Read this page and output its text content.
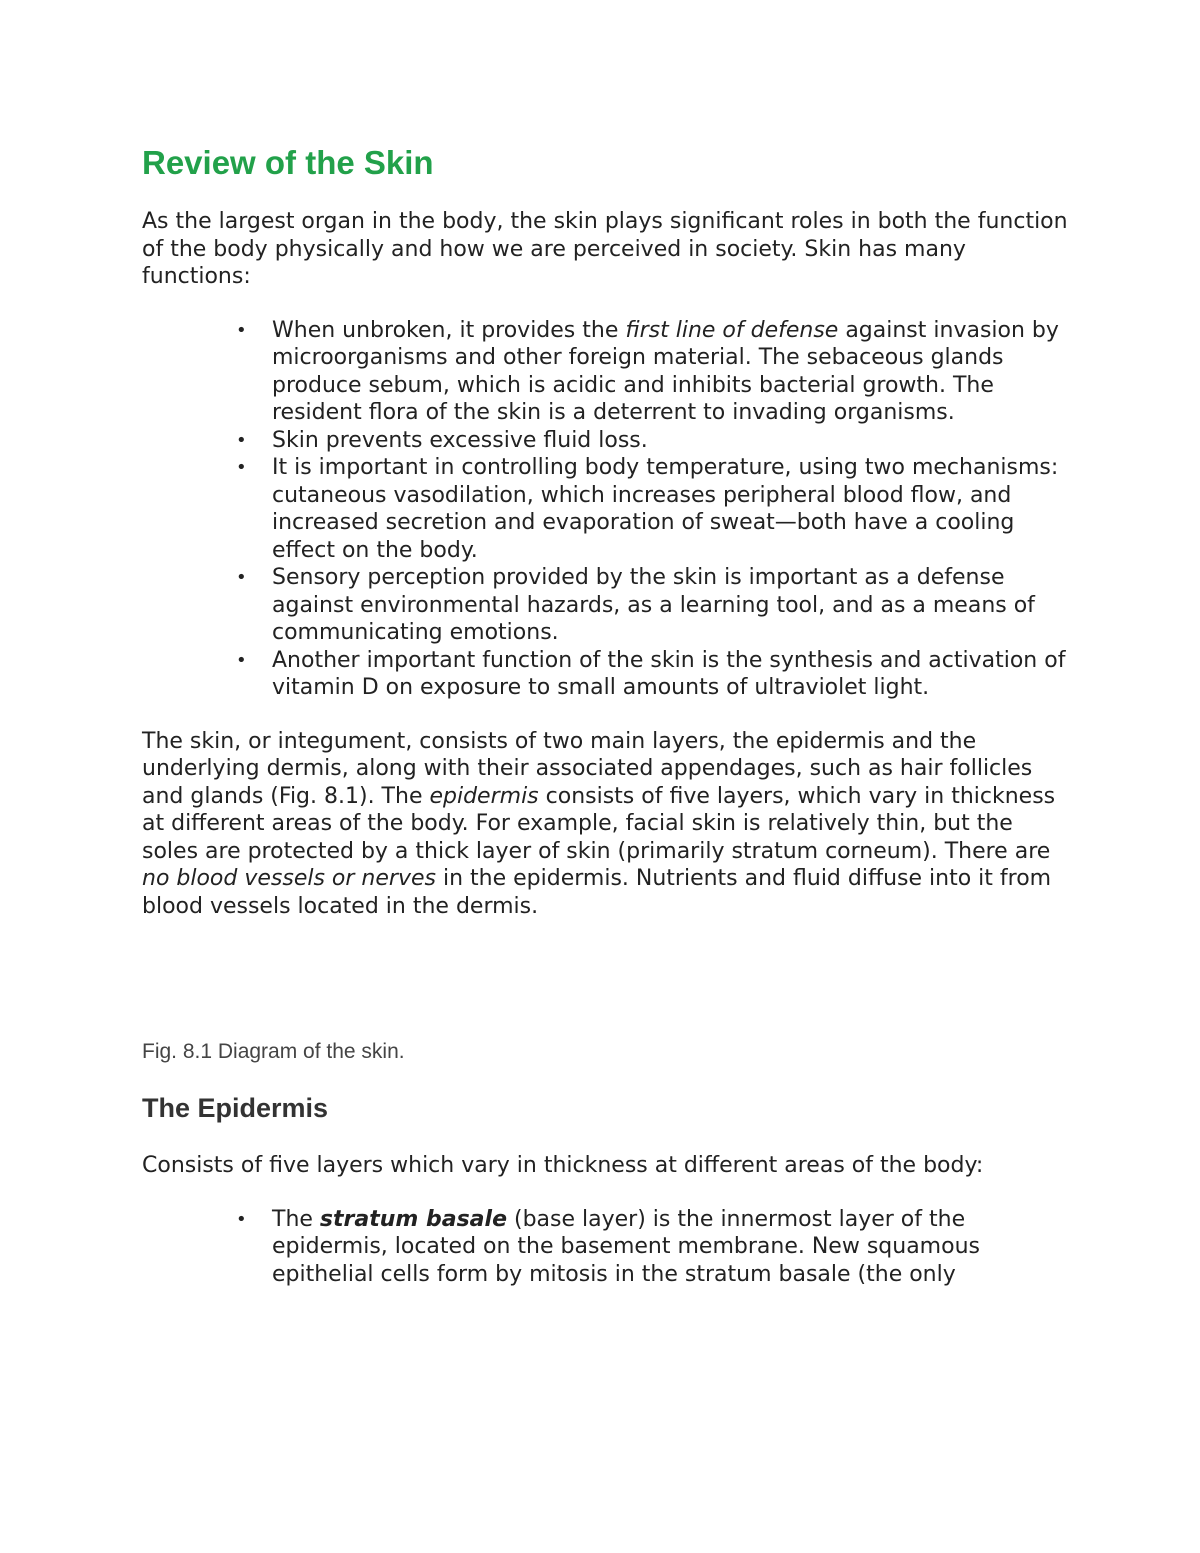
Review of the Skin

As the largest organ in the body, the skin plays significant roles in both the function of the body physically and how we are perceived in society. Skin has many functions:

• When unbroken, it provides the first line of defense against invasion by microorganisms and other foreign material. The sebaceous glands produce sebum, which is acidic and inhibits bacterial growth. The resident flora of the skin is a deterrent to invading organisms.
• Skin prevents excessive fluid loss.
• It is important in controlling body temperature, using two mechanisms: cutaneous vasodilation, which increases peripheral blood flow, and increased secretion and evaporation of sweat—both have a cooling effect on the body.
• Sensory perception provided by the skin is important as a defense against environmental hazards, as a learning tool, and as a means of communicating emotions.
• Another important function of the skin is the synthesis and activation of vitamin D on exposure to small amounts of ultraviolet light.

The skin, or integument, consists of two main layers, the epidermis and the underlying dermis, along with their associated appendages, such as hair follicles and glands (Fig. 8.1). The epidermis consists of five layers, which vary in thickness at different areas of the body. For example, facial skin is relatively thin, but the soles are protected by a thick layer of skin (primarily stratum corneum). There are no blood vessels or nerves in the epidermis. Nutrients and fluid diffuse into it from blood vessels located in the dermis.

Fig. 8.1 Diagram of the skin.

The Epidermis

Consists of five layers which vary in thickness at different areas of the body:

• The stratum basale (base layer) is the innermost layer of the epidermis, located on the basement membrane. New squamous epithelial cells form by mitosis in the stratum basale (the only
